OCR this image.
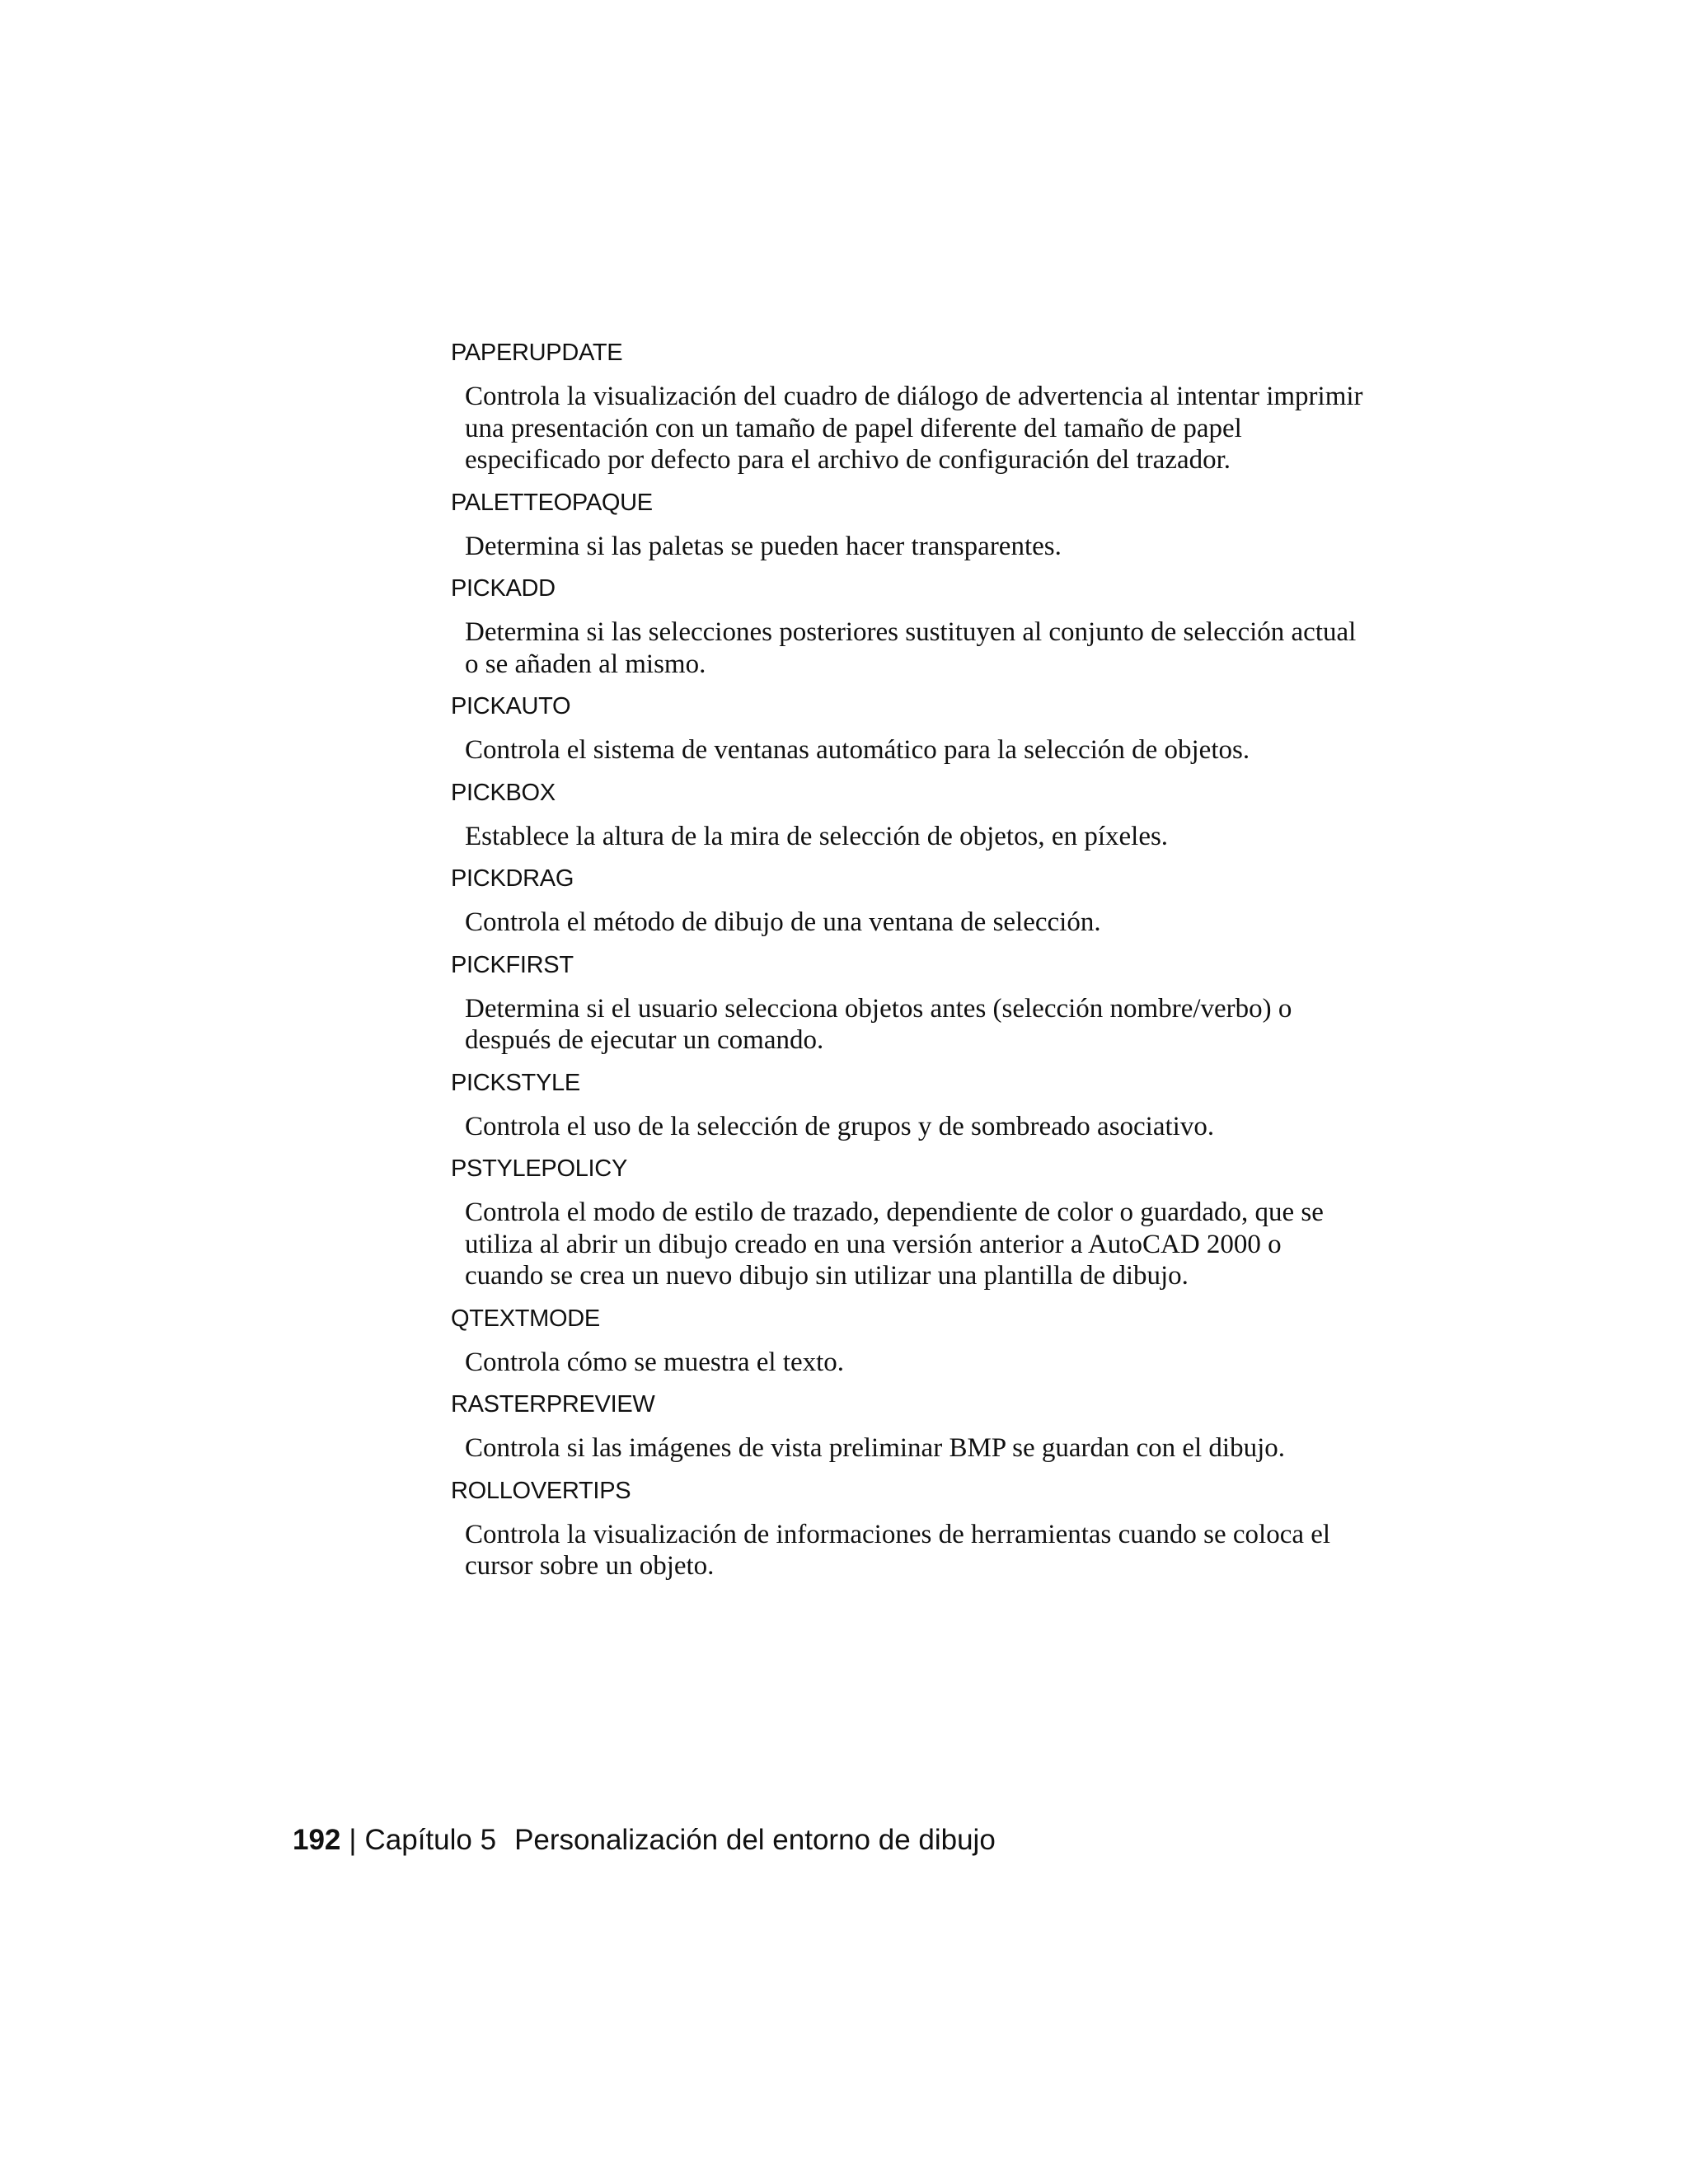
PAPERUPDATE

Controla la visualización del cuadro de diálogo de advertencia al intentar imprimir una presentación con un tamaño de papel diferente del tamaño de papel especificado por defecto para el archivo de configuración del trazador.

PALETTEOPAQUE

Determina si las paletas se pueden hacer transparentes.

PICKADD

Determina si las selecciones posteriores sustituyen al conjunto de selección actual o se añaden al mismo.

PICKAUTO

Controla el sistema de ventanas automático para la selección de objetos.

PICKBOX

Establece la altura de la mira de selección de objetos, en píxeles.

PICKDRAG

Controla el método de dibujo de una ventana de selección.

PICKFIRST

Determina si el usuario selecciona objetos antes (selección nombre/verbo) o después de ejecutar un comando.

PICKSTYLE

Controla el uso de la selección de grupos y de sombreado asociativo.

PSTYLEPOLICY

Controla el modo de estilo de trazado, dependiente de color o guardado, que se utiliza al abrir un dibujo creado en una versión anterior a AutoCAD 2000 o cuando se crea un nuevo dibujo sin utilizar una plantilla de dibujo.

QTEXTMODE

Controla cómo se muestra el texto.

RASTERPREVIEW

Controla si las imágenes de vista preliminar BMP se guardan con el dibujo.

ROLLOVERTIPS

Controla la visualización de informaciones de herramientas cuando se coloca el cursor sobre un objeto.

192 | Capítulo 5 Personalización del entorno de dibujo
